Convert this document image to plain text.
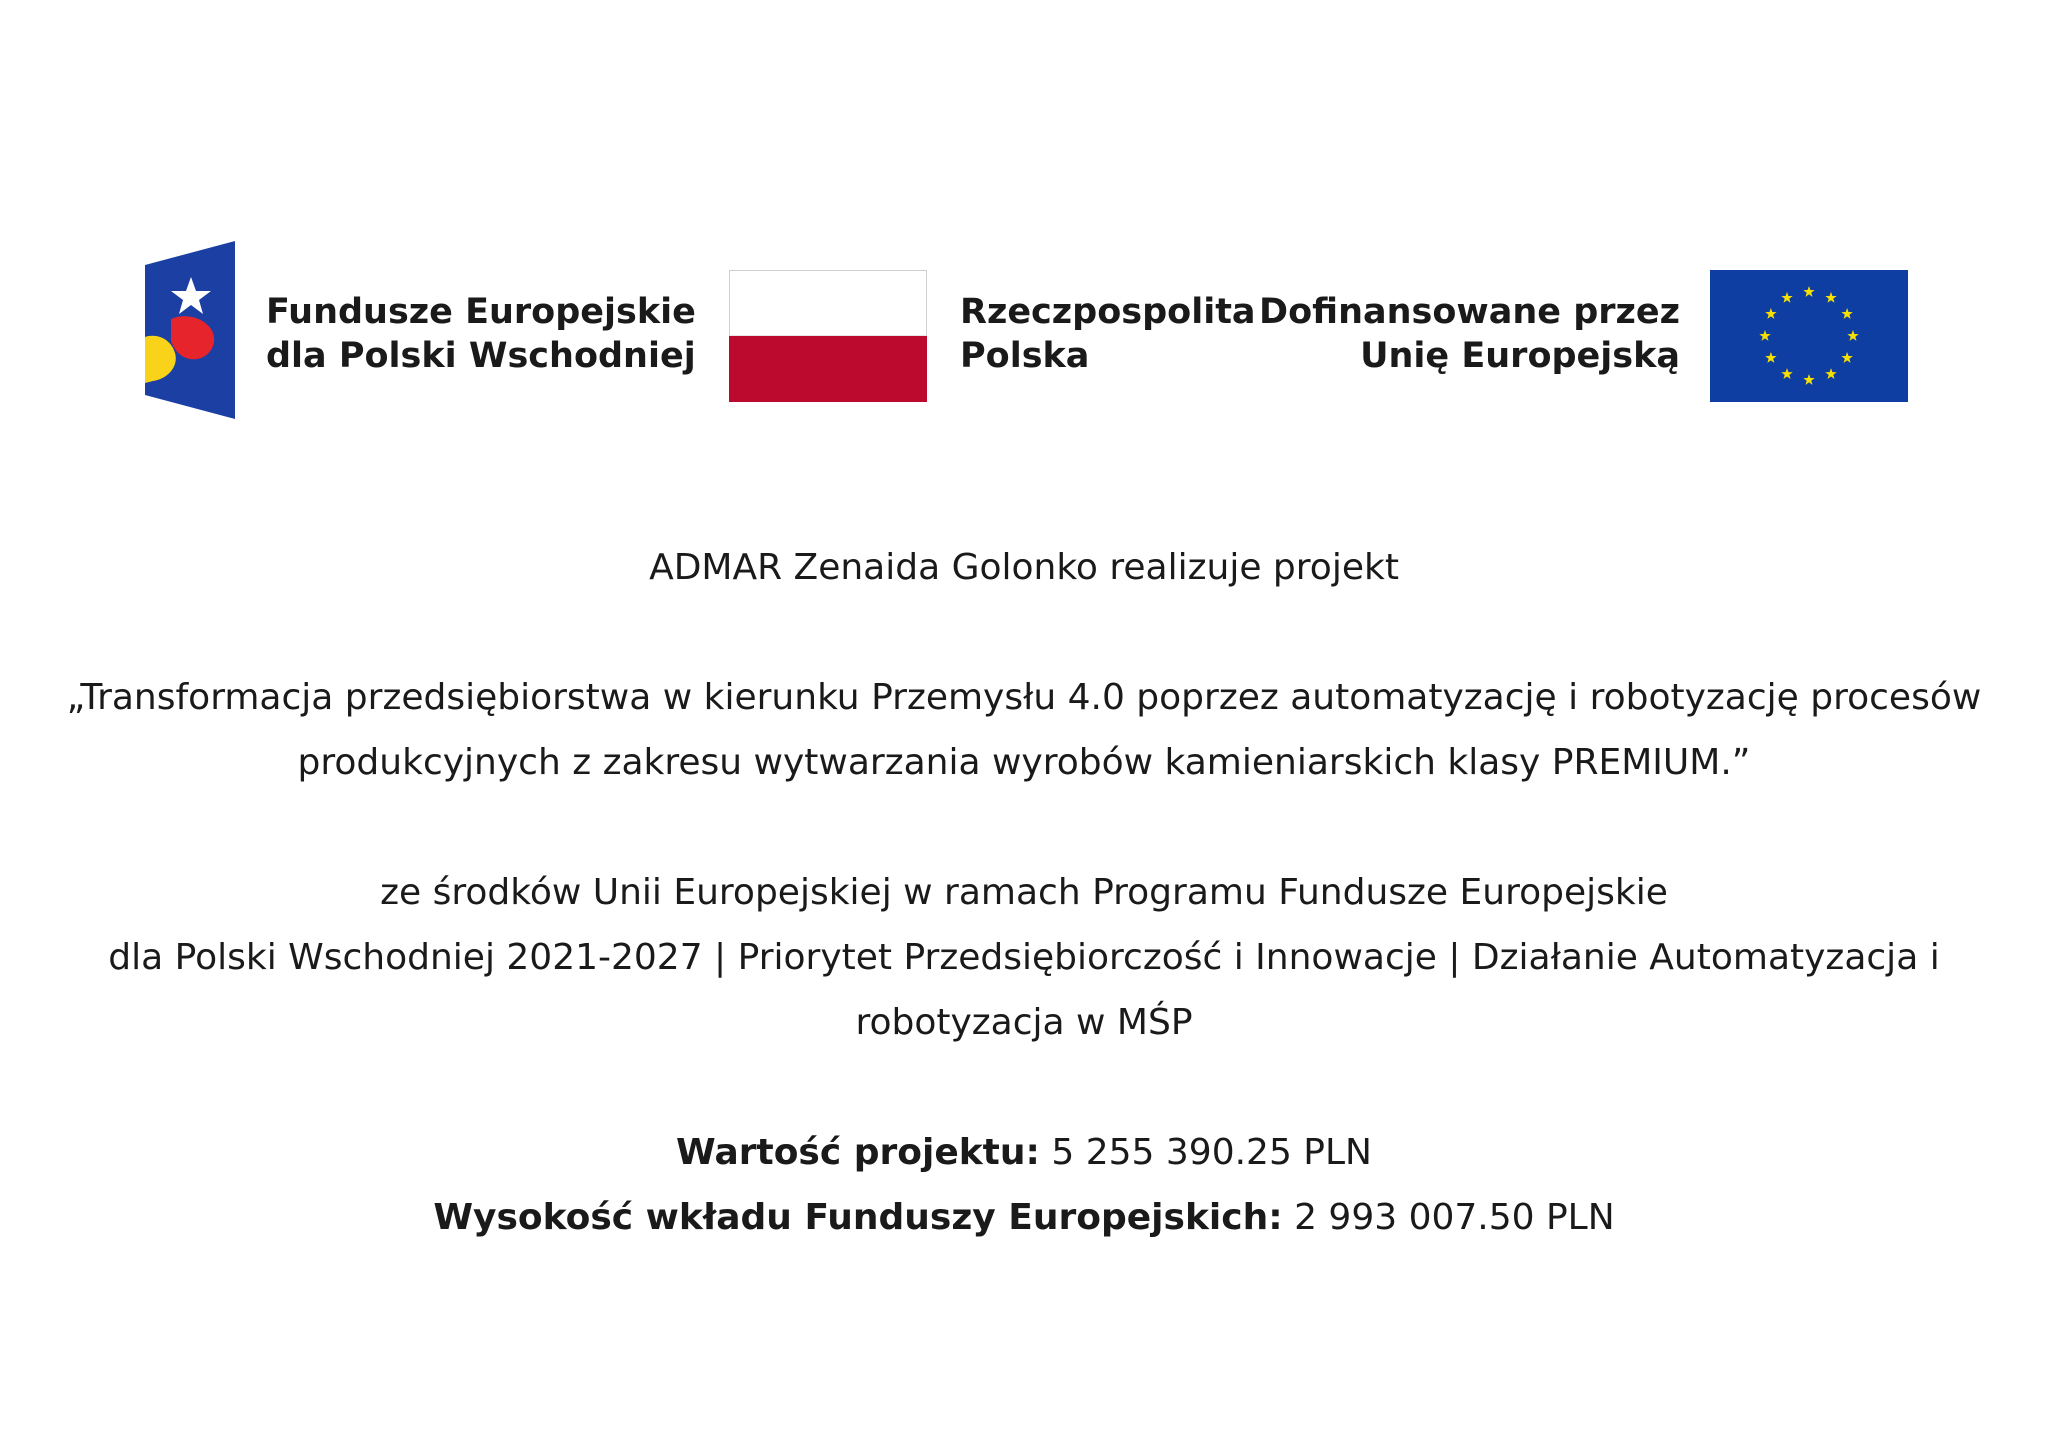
Fundusze Europejskie
dla Polski Wschodniej
Rzeczpospolita
Polska
Dofinansowane przez
Unię Europejską

ADMAR Zenaida Golonko realizuje projekt

„Transformacja przedsiębiorstwa w kierunku Przemysłu 4.0 poprzez automatyzację i robotyzację procesów

produkcyjnych z zakresu wytwarzania wyrobów kamieniarskich klasy PREMIUM.”

ze środków Unii Europejskiej w ramach Programu Fundusze Europejskie

dla Polski Wschodniej 2021-2027 | Priorytet Przedsiębiorczość i Innowacje | Działanie Automatyzacja i

robotyzacja w MŚP

Wartość projektu: 5 255 390.25 PLN

Wysokość wkładu Funduszy Europejskich: 2 993 007.50 PLN
